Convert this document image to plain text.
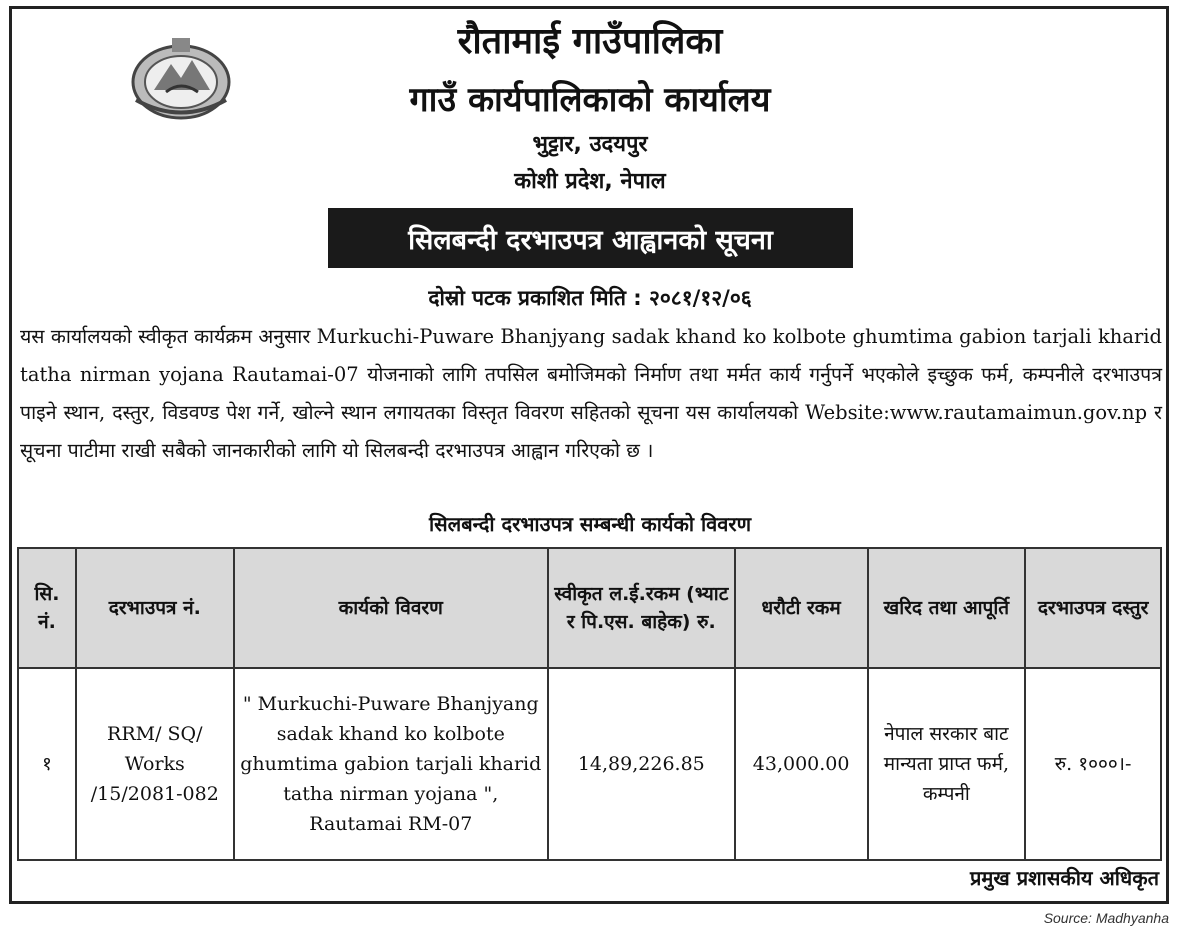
रौतामाई गाउँपालिका
गाउँ कार्यपालिकाको कार्यालय
भुट्टार, उदयपुर
कोशी प्रदेश, नेपाल
सिलबन्दी दरभाउपत्र आह्वानको सूचना
दोस्रो पटक प्रकाशित मिति : २०८१/१२/०६
यस कार्यालयको स्वीकृत कार्यक्रम अनुसार Murkuchi-Puware Bhanjyang sadak khand ko kolbote ghumtima gabion tarjali kharid tatha nirman yojana Rautamai-07 योजनाको लागि तपसिल बमोजिमको निर्माण तथा मर्मत कार्य गर्नुपर्ने भएकोले इच्छुक फर्म, कम्पनीले दरभाउपत्र पाइने स्थान, दस्तुर, विडवण्ड पेश गर्ने, खोल्ने स्थान लगायतका विस्तृत विवरण सहितको सूचना यस कार्यालयको Website:www.rautamaimun.gov.np र सूचना पाटीमा राखी सबैको जानकारीको लागि यो सिलबन्दी दरभाउपत्र आह्वान गरिएको छ ।
सिलबन्दी दरभाउपत्र सम्बन्धी कार्यको विवरण
सि. नं.	दरभाउपत्र नं.	कार्यको विवरण	स्वीकृत ल.ई.रकम (भ्याट र पि.एस. बाहेक) रु.	धरौटी रकम	खरिद तथा आपूर्ति	दरभाउपत्र दस्तुर
१	RRM/ SQ/ Works /15/2081-082	" Murkuchi-Puware Bhanjyang sadak khand ko kolbote ghumtima gabion tarjali kharid tatha nirman yojana ", Rautamai RM-07	14,89,226.85	43,000.00	नेपाल सरकार बाट मान्यता प्राप्त फर्म, कम्पनी	रु. १०००।-
प्रमुख प्रशासकीय अधिकृत
Source: Madhyanha
